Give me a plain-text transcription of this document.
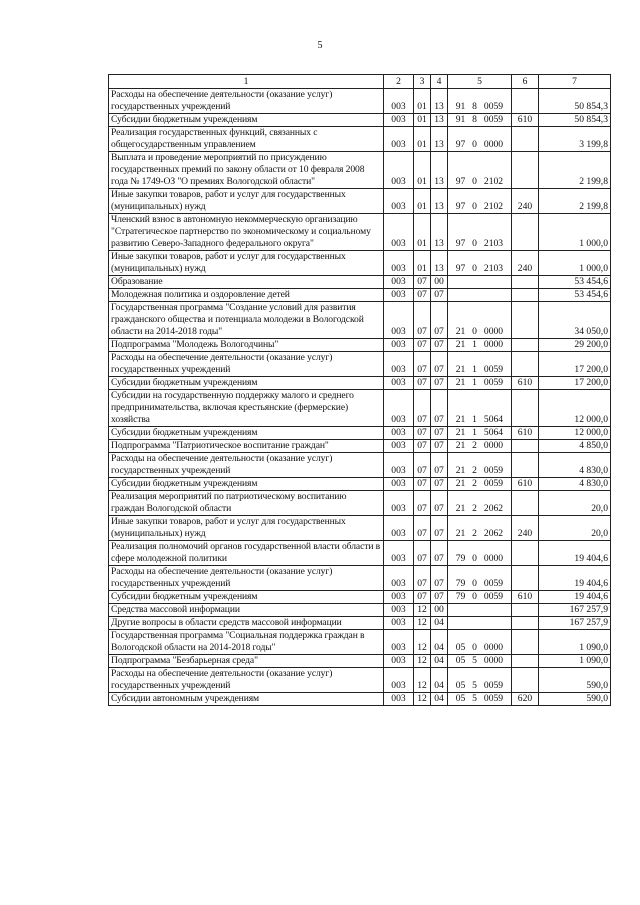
5
1	2	3	4	5	6	7
Расходы на обеспечение деятельности (оказание услуг) государственных учреждений	003	01	13	91 8 0059		50 854,3
Субсидии бюджетным учреждениям	003	01	13	91 8 0059	610	50 854,3
Реализация государственных функций, связанных с общегосударственным управлением	003	01	13	97 0 0000		3 199,8
Выплата и проведение мероприятий по присуждению государственных премий по закону области от 10 февраля 2008 года № 1749-ОЗ "О премиях Вологодской области"	003	01	13	97 0 2102		2 199,8
Иные закупки товаров, работ и услуг для государственных (муниципальных) нужд	003	01	13	97 0 2102	240	2 199,8
Членский взнос в автономную некоммерческую организацию "Стратегическое партнерство по экономическому и социальному развитию Северо-Западного федерального округа"	003	01	13	97 0 2103		1 000,0
Иные закупки товаров, работ и услуг для государственных (муниципальных) нужд	003	01	13	97 0 2103	240	1 000,0
Образование	003	07	00			53 454,6
Молодежная политика и оздоровление детей	003	07	07			53 454,6
Государственная программа "Создание условий для развития гражданского общества и потенциала молодежи в Вологодской области на 2014-2018 годы"	003	07	07	21 0 0000		34 050,0
Подпрограмма "Молодежь Вологодчины"	003	07	07	21 1 0000		29 200,0
Расходы на обеспечение деятельности (оказание услуг) государственных учреждений	003	07	07	21 1 0059		17 200,0
Субсидии бюджетным учреждениям	003	07	07	21 1 0059	610	17 200,0
Субсидии на государственную поддержку малого и среднего предпринимательства, включая крестьянские (фермерские) хозяйства	003	07	07	21 1 5064		12 000,0
Субсидии бюджетным учреждениям	003	07	07	21 1 5064	610	12 000,0
Подпрограмма "Патриотическое воспитание граждан"	003	07	07	21 2 0000		4 850,0
Расходы на обеспечение деятельности (оказание услуг) государственных учреждений	003	07	07	21 2 0059		4 830,0
Субсидии бюджетным учреждениям	003	07	07	21 2 0059	610	4 830,0
Реализация мероприятий по патриотическому воспитанию граждан Вологодской области	003	07	07	21 2 2062		20,0
Иные закупки товаров, работ и услуг для государственных (муниципальных) нужд	003	07	07	21 2 2062	240	20,0
Реализация полномочий органов государственной власти области в сфере молодежной политики	003	07	07	79 0 0000		19 404,6
Расходы на обеспечение деятельности (оказание услуг) государственных учреждений	003	07	07	79 0 0059		19 404,6
Субсидии бюджетным учреждениям	003	07	07	79 0 0059	610	19 404,6
Средства массовой информации	003	12	00			167 257,9
Другие вопросы в области средств массовой информации	003	12	04			167 257,9
Государственная программа "Социальная поддержка граждан в Вологодской области на 2014-2018 годы"	003	12	04	05 0 0000		1 090,0
Подпрограмма "Безбарьерная среда"	003	12	04	05 5 0000		1 090,0
Расходы на обеспечение деятельности (оказание услуг) государственных учреждений	003	12	04	05 5 0059		590,0
Субсидии автономным учреждениям	003	12	04	05 5 0059	620	590,0
